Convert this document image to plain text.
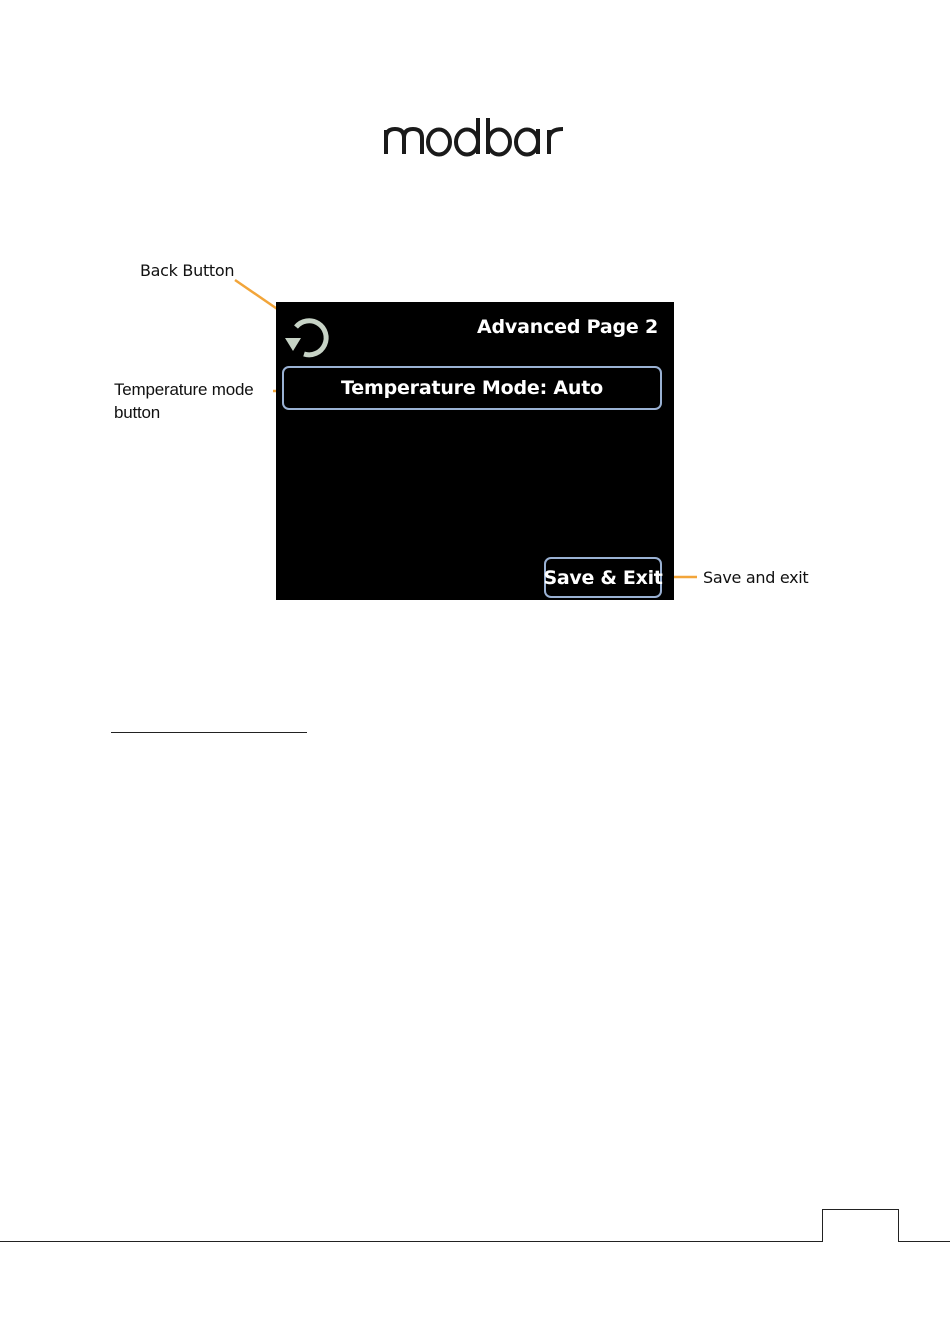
Back Button
Temperature mode
button
Save and exit
Advanced Page 2
Temperature Mode: Auto
Save & Exit
